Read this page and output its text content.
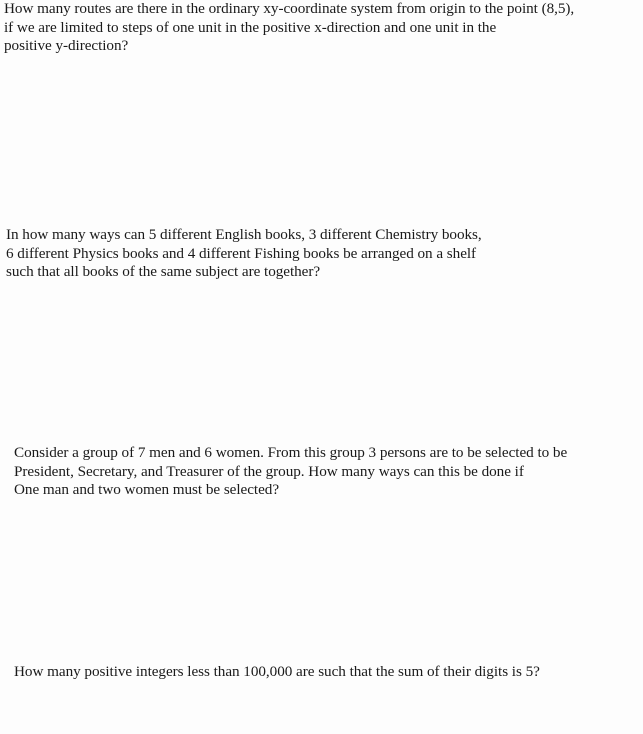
How many routes are there in the ordinary xy-coordinate system from origin to the point (8,5),
if we are limited to steps of one unit in the positive x-direction and one unit in the
positive y-direction?
In how many ways can 5 different English books, 3 different Chemistry books,
6 different Physics books and 4 different Fishing books be arranged on a shelf
such that all books of the same subject are together?
Consider a group of 7 men and 6 women. From this group 3 persons are to be selected to be
President, Secretary, and Treasurer of the group. How many ways can this be done if
One man and two women must be selected?
How many positive integers less than 100,000 are such that the sum of their digits is 5?
